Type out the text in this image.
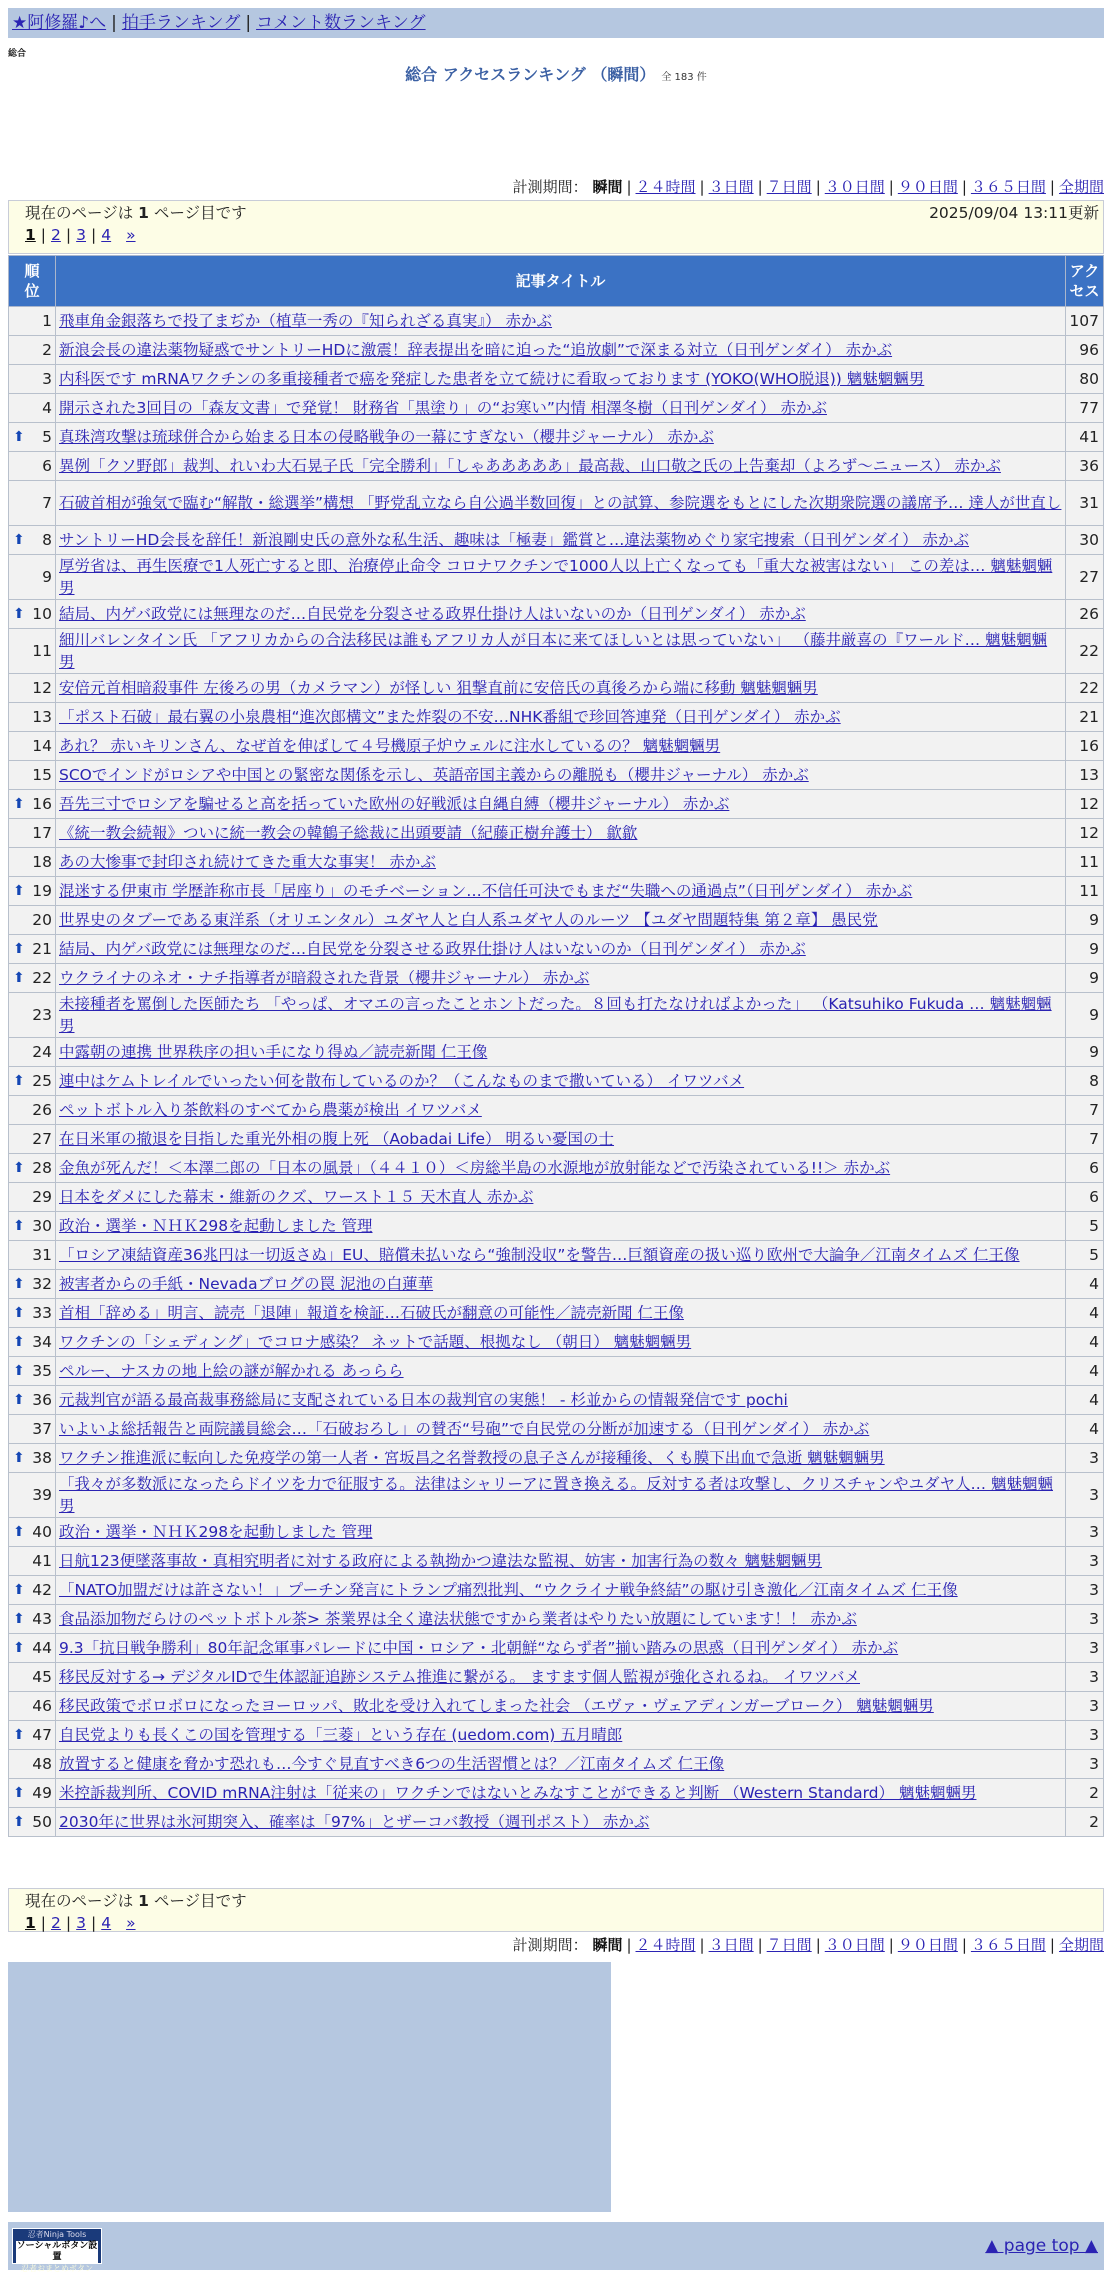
★阿修羅♪へ | 拍手ランキング | コメント数ランキング
総合
総合 アクセスランキング （瞬間） 全 183 件
計測期間： 瞬間 | ２４時間 | ３日間 | ７日間 | ３０日間 | ９０日間 | ３６５日間 | 全期間
現在のページは 1 ページ目です	2025/09/04 13:11更新
1 | 2 | 3 | 4 »
順
位	記事タイトル	アク
セス
1	飛車角金銀落ちで投了まぢか（植草一秀の『知られざる真実』） 赤かぶ	107
2	新浪会長の違法薬物疑惑でサントリーHDに激震！辞表提出を暗に迫った“追放劇”で深まる対立（日刊ゲンダイ） 赤かぶ	96
3	内科医です mRNAワクチンの多重接種者で癌を発症した患者を立て続けに看取っております (YOKO(WHO脱退)) 魑魅魍魎男	80
4	開示された3回目の「森友文書」で発覚！ 財務省「黒塗り」の“お寒い”内情 相澤冬樹（日刊ゲンダイ） 赤かぶ	77

⬆ 5	真珠湾攻撃は琉球併合から始まる日本の侵略戦争の一幕にすぎない（櫻井ジャーナル） 赤かぶ	41
6	異例「クソ野郎」裁判、れいわ大石晃子氏「完全勝利」「しゃあああああ」最高裁、山口敬之氏の上告棄却（よろず〜ニュース） 赤かぶ	36
7	石破首相が強気で臨む“解散・総選挙”構想 「野党乱立なら自公過半数回復」との試算、参院選をもとにした次期衆院選の議席予… 達人が世直し	31

⬆ 8	サントリーHD会長を辞任！新浪剛史氏の意外な私生活、趣味は「極妻」鑑賞と…違法薬物めぐり家宅捜索（日刊ゲンダイ） 赤かぶ	30
9	厚労省は、再生医療で1人死亡すると即、治療停止命令 コロナワクチンで1000人以上亡くなっても「重大な被害はない」 この差は… 魑魅魍魎男	27

⬆ 10	結局、内ゲバ政党には無理なのだ…自民党を分裂させる政界仕掛け人はいないのか（日刊ゲンダイ） 赤かぶ	26
11	細川バレンタイン氏 「アフリカからの合法移民は誰もアフリカ人が日本に来てほしいとは思っていない」 （藤井厳喜の『ワールド… 魑魅魍魎男	22
12	安倍元首相暗殺事件 左後ろの男（カメラマン）が怪しい 狙撃直前に安倍氏の真後ろから端に移動 魑魅魍魎男	22
13	「ポスト石破」最右翼の小泉農相“進次郎構文”また炸裂の不安…NHK番組で珍回答連発（日刊ゲンダイ） 赤かぶ	21
14	あれ？ 赤いキリンさん、なぜ首を伸ばして４号機原子炉ウェルに注水しているの？ 魑魅魍魎男	16
15	SCOでインドがロシアや中国との緊密な関係を示し、英語帝国主義からの離脱も（櫻井ジャーナル） 赤かぶ	13

⬆ 16	吾先三寸でロシアを騙せると高を括っていた欧州の好戦派は自縄自縛（櫻井ジャーナル） 赤かぶ	12
17	《統一教会続報》ついに統一教会の韓鶴子総裁に出頭要請（紀藤正樹弁護士） 歙歙	12
18	あの大惨事で封印され続けてきた重大な事実！ 赤かぶ	11

⬆ 19	混迷する伊東市 学歴詐称市長「居座り」のモチベーション…不信任可決でもまだ“失職への通過点”（日刊ゲンダイ） 赤かぶ	11
20	世界史のタブーである東洋系（オリエンタル）ユダヤ人と白人系ユダヤ人のルーツ 【ユダヤ問題特集 第２章】 愚民党	9

⬆ 21	結局、内ゲバ政党には無理なのだ…自民党を分裂させる政界仕掛け人はいないのか（日刊ゲンダイ） 赤かぶ	9

⬆ 22	ウクライナのネオ・ナチ指導者が暗殺された背景（櫻井ジャーナル） 赤かぶ	9
23	未接種者を罵倒した医師たち 「やっぱ、オマエの言ったことホントだった。８回も打たなければよかった」 （Katsuhiko Fukuda … 魑魅魍魎男	9
24	中露朝の連携 世界秩序の担い手になり得ぬ／読売新聞 仁王像	9

⬆ 25	連中はケムトレイルでいったい何を散布しているのか？（こんなものまで撒いている） イワツバメ	8
26	ペットボトル入り茶飲料のすべてから農薬が検出 イワツバメ	7
27	在日米軍の撤退を目指した重光外相の腹上死 （Aobadai Life） 明るい憂国の士	7

⬆ 28	金魚が死んだ！＜本澤二郎の「日本の風景」（４４１０）＜房総半島の水源地が放射能などで汚染されている!!＞ 赤かぶ	6
29	日本をダメにした幕末・維新のクズ、ワースト１５ 天木直人 赤かぶ	6

⬆ 30	政治・選挙・ＮＨＫ298を起動しました 管理	5
31	「ロシア凍結資産36兆円は一切返さぬ」EU、賠償未払いなら“強制没収”を警告…巨額資産の扱い巡り欧州で大論争／江南タイムズ 仁王像	5

⬆ 32	被害者からの手紙・Nevadaブログの罠 泥池の白蓮華	4

⬆ 33	首相「辞める」明言、読売「退陣」報道を検証…石破氏が翻意の可能性／読売新聞 仁王像	4

⬆ 34	ワクチンの「シェディング」でコロナ感染？ ネットで話題、根拠なし （朝日） 魑魅魍魎男	4

⬆ 35	ペルー、ナスカの地上絵の謎が解かれる あっらら	4

⬆ 36	元裁判官が語る最高裁事務総局に支配されている日本の裁判官の実態！ - 杉並からの情報発信です pochi	4
37	いよいよ総括報告と両院議員総会…「石破おろし」の賛否“号砲”で自民党の分断が加速する（日刊ゲンダイ） 赤かぶ	4

⬆ 38	ワクチン推進派に転向した免疫学の第一人者・宮坂昌之名誉教授の息子さんが接種後、くも膜下出血で急逝 魑魅魍魎男	3
39	「我々が多数派になったらドイツを力で征服する。法律はシャリーアに置き換える。反対する者は攻撃し、クリスチャンやユダヤ人… 魑魅魍魎男	3

⬆ 40	政治・選挙・ＮＨＫ298を起動しました 管理	3
41	日航123便墜落事故・真相究明者に対する政府による執拗かつ違法な監視、妨害・加害行為の数々 魑魅魍魎男	3

⬆ 42	「NATO加盟だけは許さない！」プーチン発言にトランプ痛烈批判、“ウクライナ戦争終結”の駆け引き激化／江南タイムズ 仁王像	3

⬆ 43	食品添加物だらけのペットボトル茶> 茶業界は全く違法状態ですから業者はやりたい放題にしています！！ 赤かぶ	3

⬆ 44	9.3「抗日戦争勝利」80年記念軍事パレードに中国・ロシア・北朝鮮“ならず者”揃い踏みの思惑（日刊ゲンダイ） 赤かぶ	3
45	移民反対する→ デジタルIDで生体認証追跡システム推進に繋がる。 ますます個人監視が強化されるね。 イワツバメ	3
46	移民政策でボロボロになったヨーロッパ、敗北を受け入れてしまった社会 （エヴァ・ヴェアディンガーブローク） 魑魅魍魎男	3

⬆ 47	自民党よりも長くこの国を管理する「三菱」という存在 (uedom.com) 五月晴郎	3
48	放置すると健康を脅かす恐れも…今すぐ見直すべき6つの生活習慣とは？／江南タイムズ 仁王像	3

⬆ 49	米控訴裁判所、COVID mRNA注射は「従来の」ワクチンではないとみなすことができると判断 （Western Standard） 魑魅魍魎男	2

⬆ 50	2030年に世界は氷河期突入、確率は「97%」とザーコバ教授（週刊ポスト） 赤かぶ	2
現在のページは 1 ページ目です
1 | 2 | 3 | 4 »
計測期間： 瞬間 | ２４時間 | ３日間 | ７日間 | ３０日間 | ９０日間 | ３６５日間 | 全期間
忍者Ninja Tools
ソーシャルボタン設置
忍者おまとめボタン
▲ page top ▲
